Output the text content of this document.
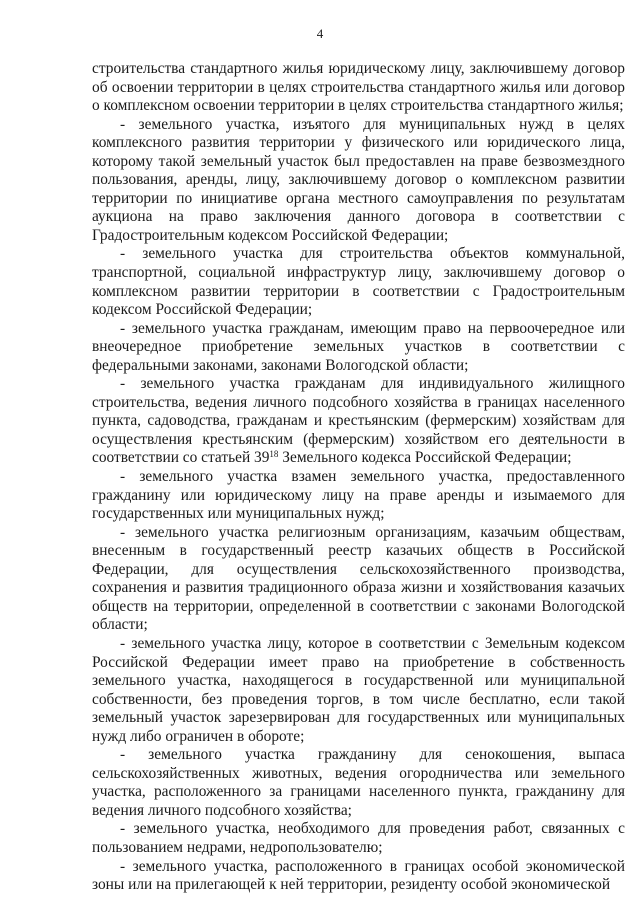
4

строительства стандартного жилья юридическому лицу, заключившему договор об освоении территории в целях строительства стандартного жилья или договор о комплексном освоении территории в целях строительства стандартного жилья;

- земельного участка, изъятого для муниципальных нужд в целях комплексного развития территории у физического или юридического лица, которому такой земельный участок был предоставлен на праве безвозмездного пользования, аренды, лицу, заключившему договор о комплексном развитии территории по инициативе органа местного самоуправления по результатам аукциона на право заключения данного договора в соответствии с Градостроительным кодексом Российской Федерации;

- земельного участка для строительства объектов коммунальной, транспортной, социальной инфраструктур лицу, заключившему договор о комплексном развитии территории в соответствии с Градостроительным кодексом Российской Федерации;

- земельного участка гражданам, имеющим право на первоочередное или внеочередное приобретение земельных участков в соответствии с федеральными законами, законами Вологодской области;

- земельного участка гражданам для индивидуального жилищного строительства, ведения личного подсобного хозяйства в границах населенного пункта, садоводства, гражданам и крестьянским (фермерским) хозяйствам для осуществления крестьянским (фермерским) хозяйством его деятельности в соответствии со статьей $39^{18}$ Земельного кодекса Российской Федерации;

- земельного участка взамен земельного участка, предоставленного гражданину или юридическому лицу на праве аренды и изымаемого для государственных или муниципальных нужд;

- земельного участка религиозным организациям, казачьим обществам, внесенным в государственный реестр казачьих обществ в Российской Федерации, для осуществления сельскохозяйственного производства, сохранения и развития традиционного образа жизни и хозяйствования казачьих обществ на территории, определенной в соответствии с законами Вологодской области;

- земельного участка лицу, которое в соответствии с Земельным кодексом Российской Федерации имеет право на приобретение в собственность земельного участка, находящегося в государственной или муниципальной собственности, без проведения торгов, в том числе бесплатно, если такой земельный участок зарезервирован для государственных или муниципальных нужд либо ограничен в обороте;

- земельного участка гражданину для сенокошения, выпаса сельскохозяйственных животных, ведения огородничества или земельного участка, расположенного за границами населенного пункта, гражданину для ведения личного подсобного хозяйства;

- земельного участка, необходимого для проведения работ, связанных с пользованием недрами, недропользователю;

- земельного участка, расположенного в границах особой экономической зоны или на прилегающей к ней территории, резиденту особой экономической
